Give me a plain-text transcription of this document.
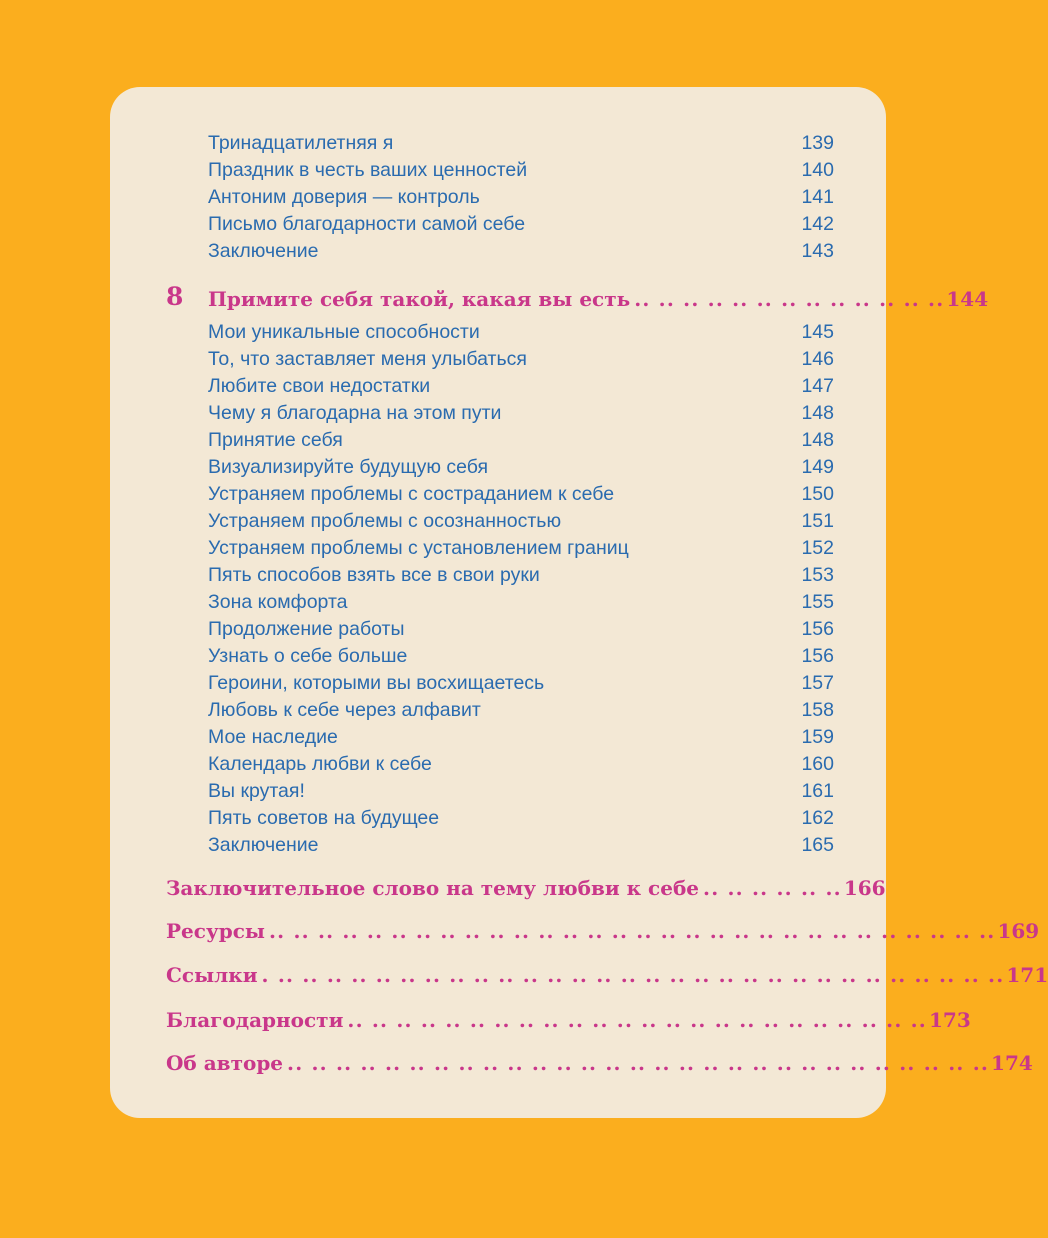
Тринадцатилетняя я	139
Праздник в честь ваших ценностей	140
Антоним доверия — контроль	141
Письмо благодарности самой себе	142
Заключение	143
8 Примите себя такой, какая вы есть .. .. .. .. .. .. .. .. .. .. .. .. .. 144
Мои уникальные способности	145
То, что заставляет меня улыбаться	146
Любите свои недостатки	147
Чему я благодарна на этом пути	148
Принятие себя	148
Визуализируйте будущую себя	149
Устраняем проблемы с состраданием к себе	150
Устраняем проблемы с осознанностью	151
Устраняем проблемы с установлением границ	152
Пять способов взять все в свои руки	153
Зона комфорта	155
Продолжение работы	156
Узнать о себе больше	156
Героини, которыми вы восхищаетесь	157
Любовь к себе через алфавит	158
Мое наследие	159
Календарь любви к себе	160
Вы крутая!	161
Пять советов на будущее	162
Заключение	165
Заключительное слово на тему любви к себе .. .. .. .. .. .. 166
Ресурсы .. .. .. .. .. .. .. .. .. .. .. .. .. .. .. .. .. .. .. .. .. .. .. .. .. .. .. .. .. .. 169
Ссылки . .. .. .. .. .. .. .. .. .. .. .. .. .. .. .. .. .. .. .. .. .. .. .. .. .. .. .. .. .. .. 171
Благодарности .. .. .. .. .. .. .. .. .. .. .. .. .. .. .. .. .. .. .. .. .. .. .. .. 173
Об авторе .. .. .. .. .. .. .. .. .. .. .. .. .. .. .. .. .. .. .. .. .. .. .. .. .. .. .. .. .. 174
